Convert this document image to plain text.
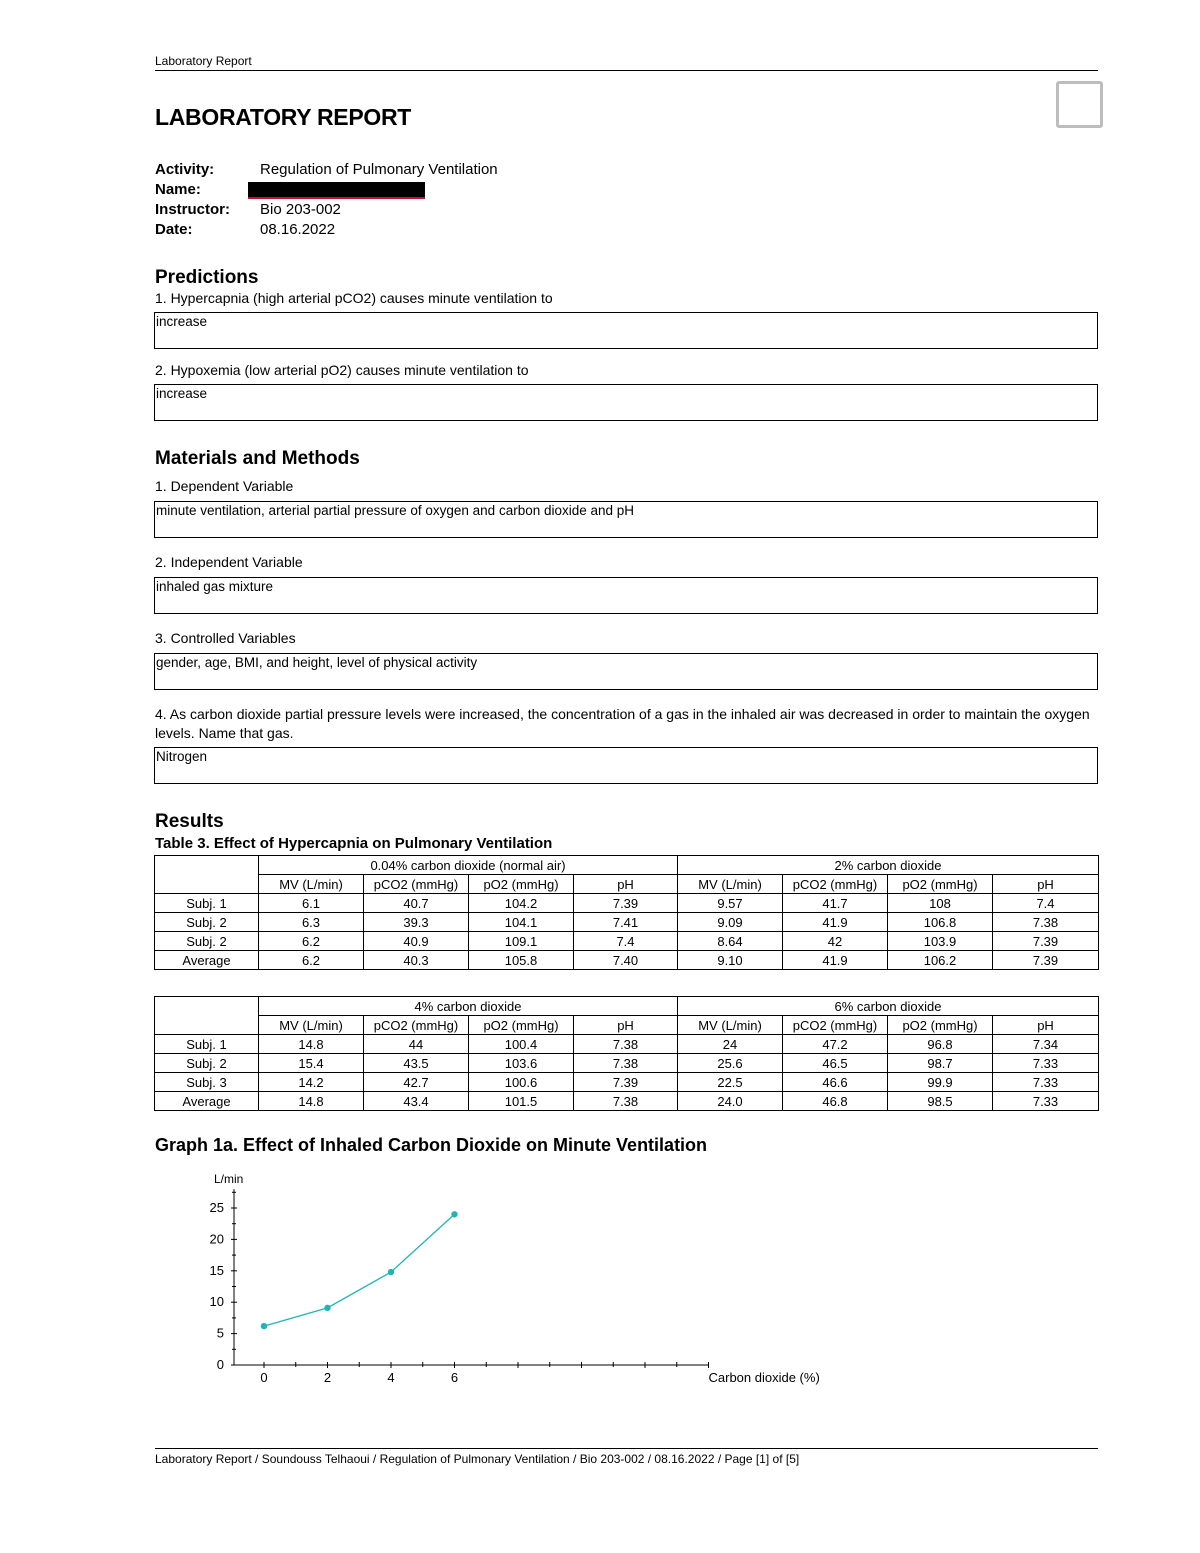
Laboratory Report
LABORATORY REPORT
Activity:	Regulation of Pulmonary Ventilation
Name:
Instructor: Bio 203-002
Date:	08.16.2022
Predictions
1. Hypercapnia (high arterial pCO2) causes minute ventilation to
increase
2. Hypoxemia (low arterial pO2) causes minute ventilation to
increase
Materials and Methods
1. Dependent Variable
minute ventilation, arterial partial pressure of oxygen and carbon dioxide and pH
2. Independent Variable
inhaled gas mixture
3. Controlled Variables
gender, age, BMI, and height, level of physical activity
4. As carbon dioxide partial pressure levels were increased, the concentration of a gas in the inhaled air was decreased in order to maintain the oxygen levels. Name that gas.
Nitrogen
Results
Table 3. Effect of Hypercapnia on Pulmonary Ventilation
	0.04% carbon dioxide (normal air)				2% carbon dioxide			
	MV (L/min)	pCO2 (mmHg)	pO2 (mmHg)	pH	MV (L/min)	pCO2 (mmHg)	pO2 (mmHg)	pH
Subj. 1	6.1	40.7	104.2	7.39	9.57	41.7	108	7.4
Subj. 2	6.3	39.3	104.1	7.41	9.09	41.9	106.8	7.38
Subj. 2	6.2	40.9	109.1	7.4	8.64	42	103.9	7.39
Average	6.2	40.3	105.8	7.40	9.10	41.9	106.2	7.39
	4% carbon dioxide				6% carbon dioxide			
	MV (L/min)	pCO2 (mmHg)	pO2 (mmHg)	pH	MV (L/min)	pCO2 (mmHg)	pO2 (mmHg)	pH
Subj. 1	14.8	44	100.4	7.38	24	47.2	96.8	7.34
Subj. 2	15.4	43.5	103.6	7.38	25.6	46.5	98.7	7.33
Subj. 3	14.2	42.7	100.6	7.39	22.5	46.6	99.9	7.33
Average	14.8	43.4	101.5	7.38	24.0	46.8	98.5	7.33
Graph 1a. Effect of Inhaled Carbon Dioxide on Minute Ventilation
0
5
10
15
20
25
0	2	4	6
L/min
Carbon dioxide (%)
Laboratory Report / Soundouss Telhaoui / Regulation of Pulmonary Ventilation / Bio 203-002 / 08.16.2022 / Page [1] of [5]
